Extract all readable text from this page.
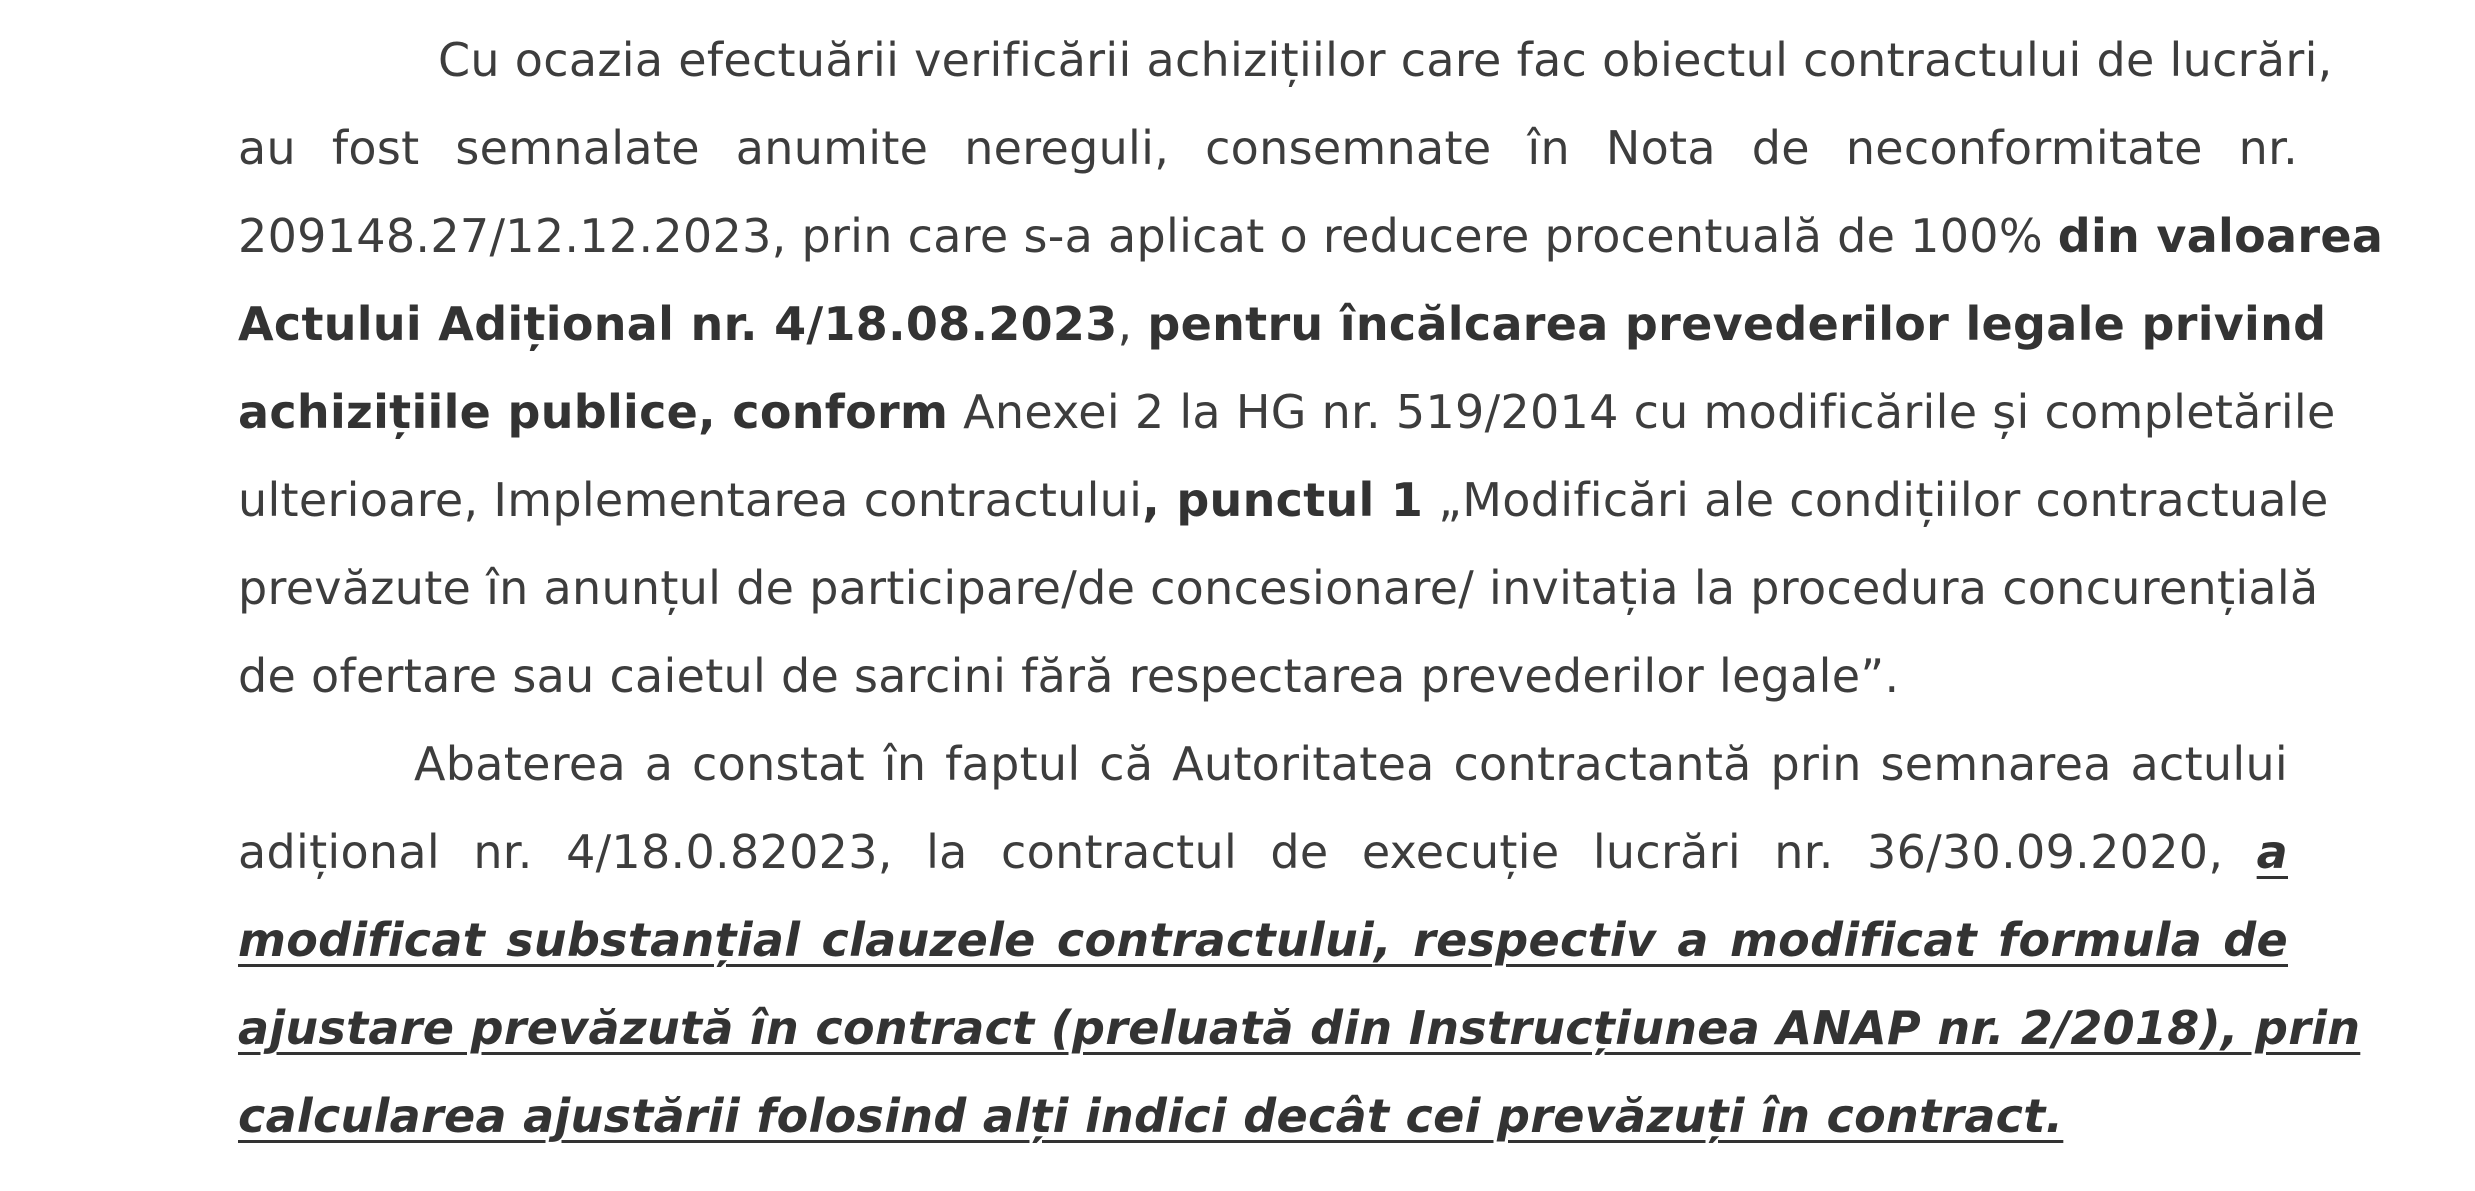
Cu ocazia efectuării verificării achizițiilor care fac obiectul contractului de lucrări,
au fost semnalate anumite nereguli, consemnate în Nota de neconformitate nr.
209148.27/12.12.2023, prin care s-a aplicat o reducere procentuală de 100% din valoarea
Actului Adițional nr. 4/18.08.2023, pentru încălcarea prevederilor legale privind
achizițiile publice, conform Anexei 2 la HG nr. 519/2014 cu modificările și completările
ulterioare, Implementarea contractului, punctul 1 „Modificări ale condițiilor contractuale
prevăzute în anunțul de participare/de concesionare/ invitația la procedura concurențială
de ofertare sau caietul de sarcini fără respectarea prevederilor legale”.
Abaterea a constat în faptul că Autoritatea contractantă prin semnarea actului
adițional nr. 4/18.0.82023, la contractul de execuție lucrări nr. 36/30.09.2020, a
modificat substanțial clauzele contractului, respectiv a modificat formula de
ajustare prevăzută în contract (preluată din Instrucțiunea ANAP nr. 2/2018), prin
calcularea ajustării folosind alți indici decât cei prevăzuți în contract.
